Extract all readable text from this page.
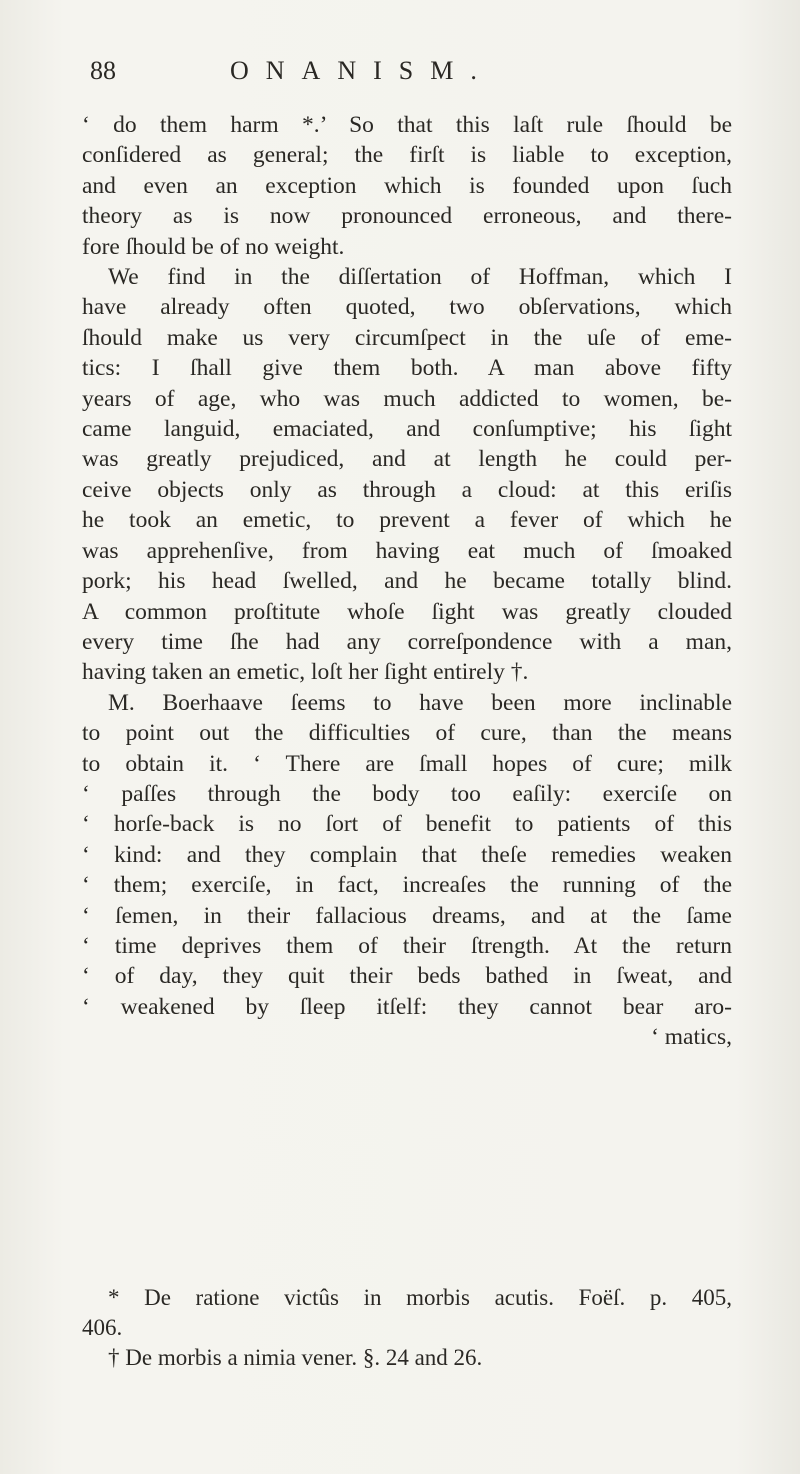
88	ONANISM.
‘ do them harm *.’ So that this laſt rule ſhould be
conſidered as general; the firſt is liable to exception,
and even an exception which is founded upon ſuch
theory as is now pronounced erroneous, and there-
fore ſhould be of no weight.
We find in the diſſertation of Hoffman, which I
have already often quoted, two obſervations, which
ſhould make us very circumſpect in the uſe of eme-
tics: I ſhall give them both. A man above fifty
years of age, who was much addicted to women, be-
came languid, emaciated, and conſumptive; his ſight
was greatly prejudiced, and at length he could per-
ceive objects only as through a cloud: at this eriſis
he took an emetic, to prevent a fever of which he
was apprehenſive, from having eat much of ſmoaked
pork; his head ſwelled, and he became totally blind.
A common proſtitute whoſe ſight was greatly clouded
every time ſhe had any correſpondence with a man,
having taken an emetic, loſt her ſight entirely †.
M. Boerhaave ſeems to have been more inclinable
to point out the difficulties of cure, than the means
to obtain it. ‘ There are ſmall hopes of cure; milk
‘ paſſes through the body too eaſily: exerciſe on
‘ horſe-back is no ſort of benefit to patients of this
‘ kind: and they complain that theſe remedies weaken
‘ them; exerciſe, in fact, increaſes the running of the
‘ ſemen, in their fallacious dreams, and at the ſame
‘ time deprives them of their ſtrength. At the return
‘ of day, they quit their beds bathed in ſweat, and
‘ weakened by ſleep itſelf: they cannot bear aro-
‘ matics,
* De ratione victûs in morbis acutis. Foëſ. p. 405,
406.
† De morbis a nimia vener. §. 24 and 26.
